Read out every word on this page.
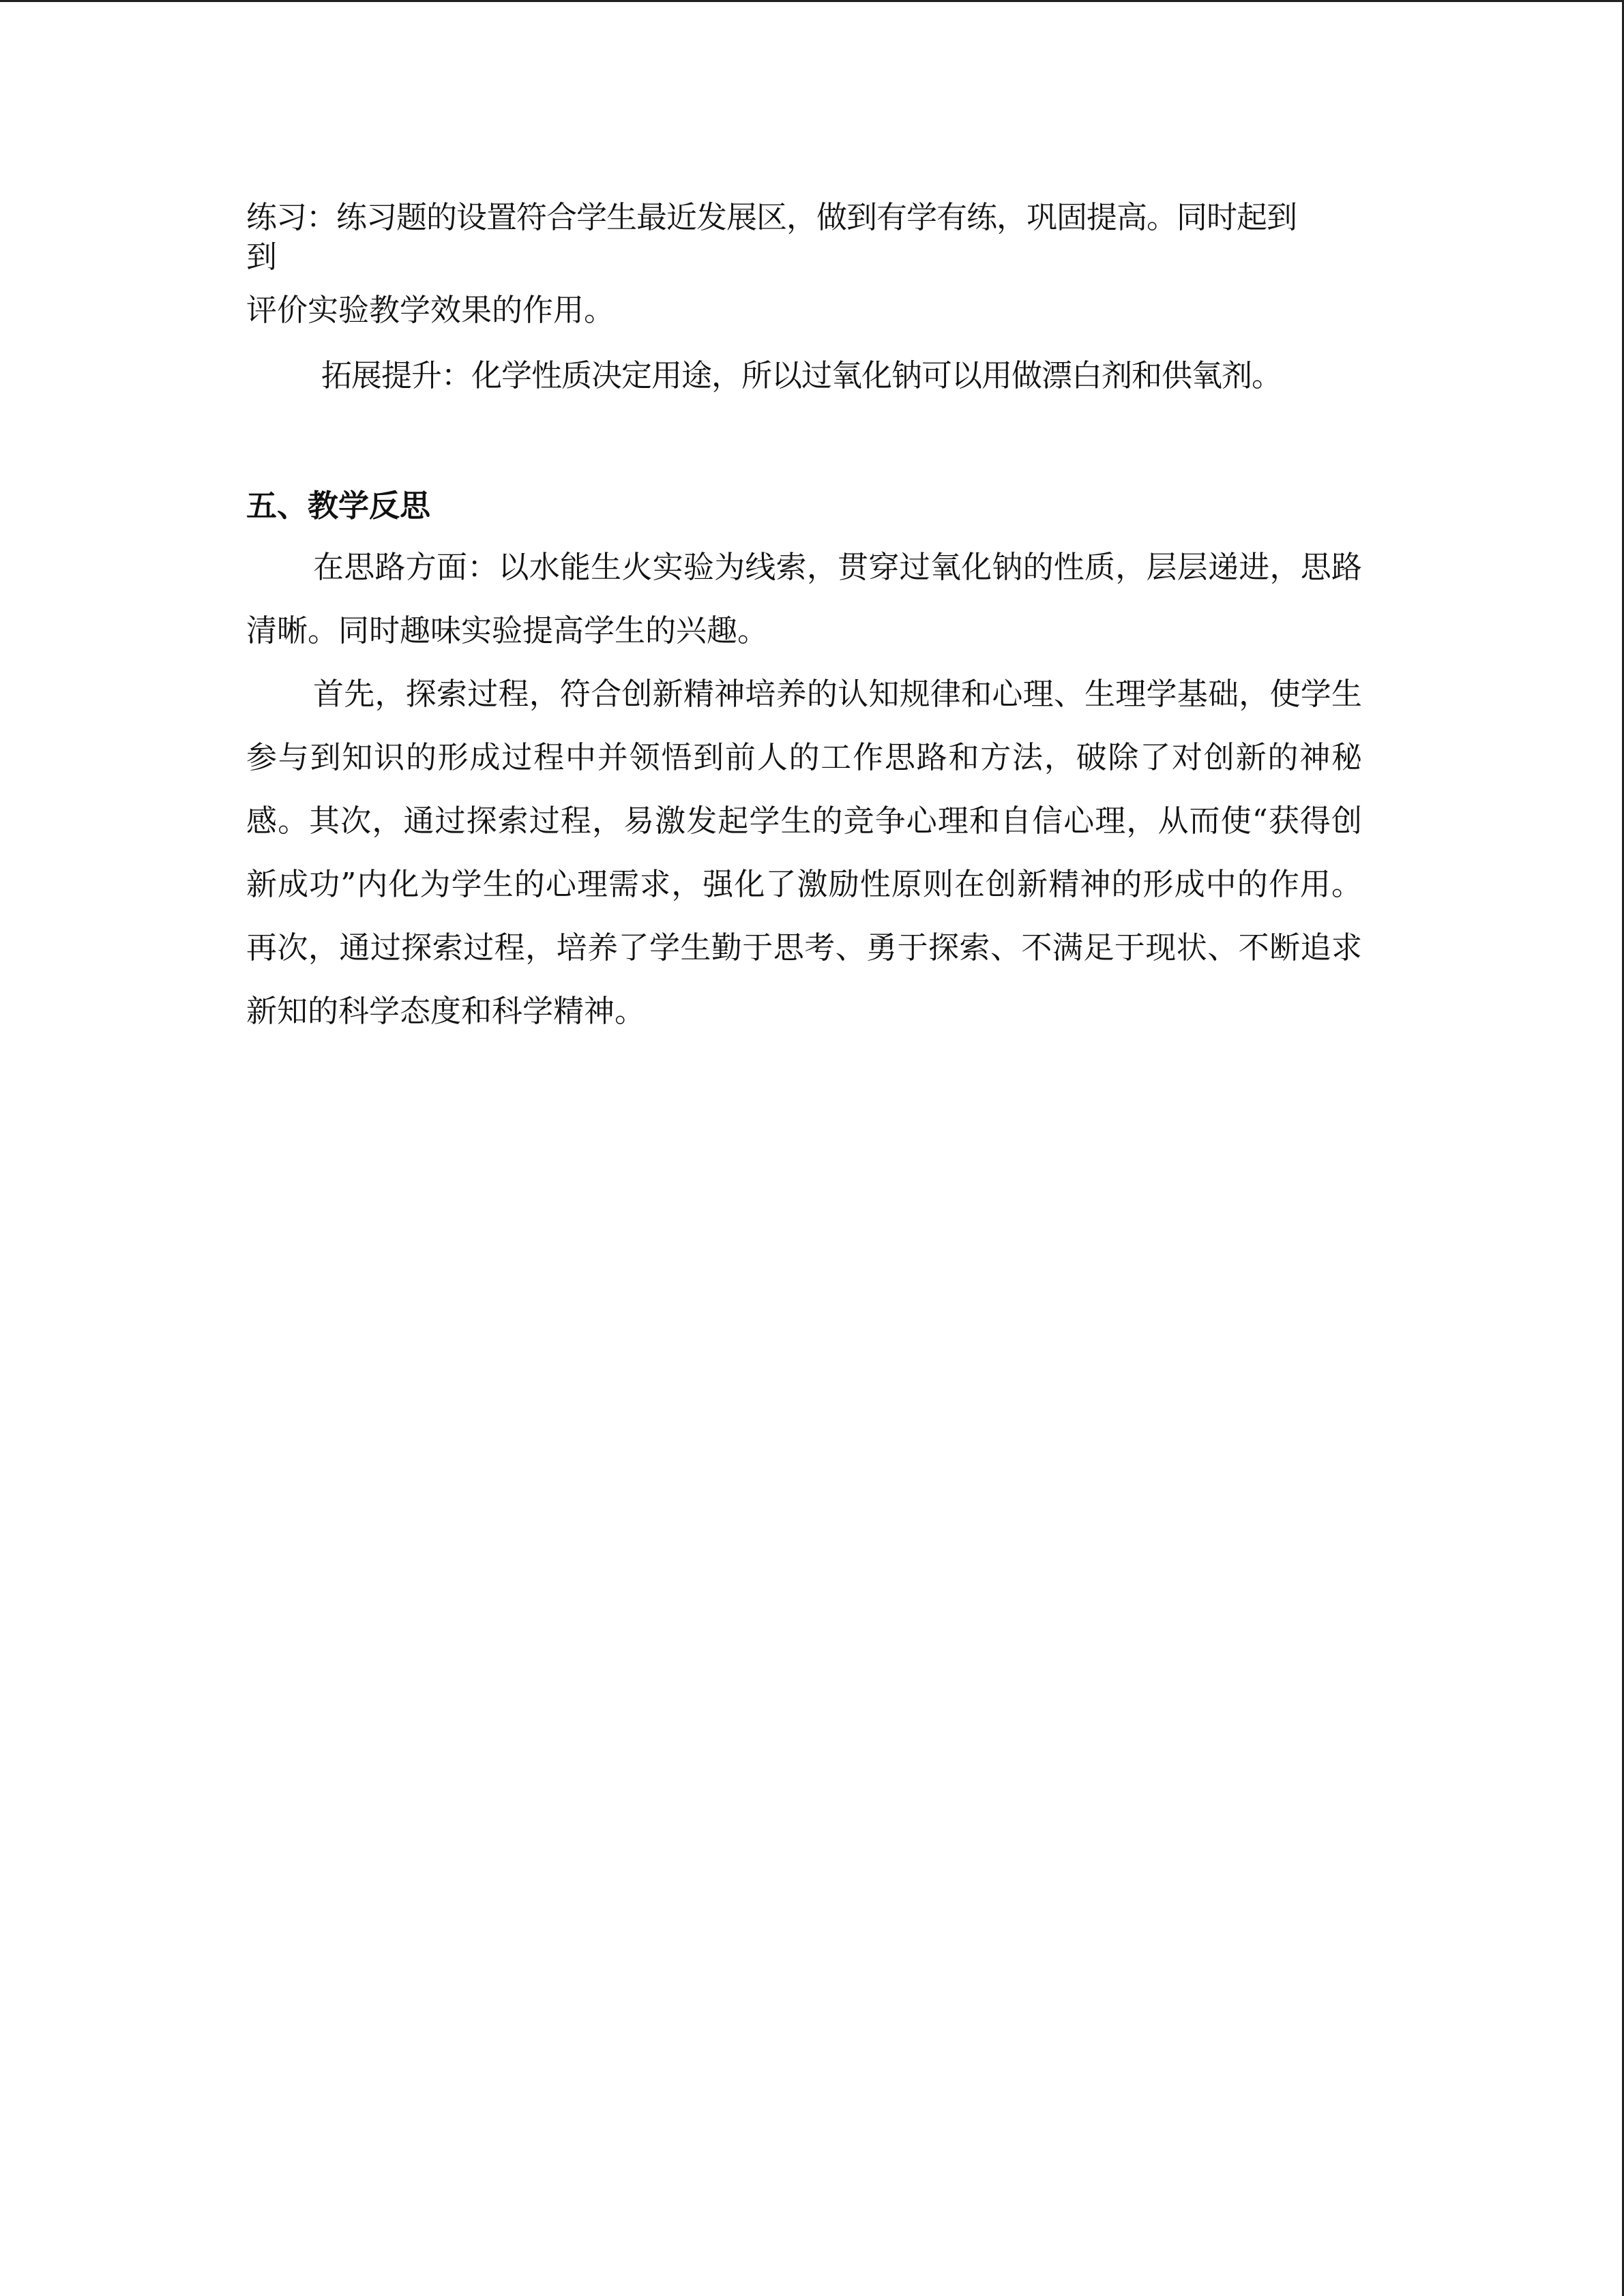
练习：练习题的设置符合学生最近发展区，做到有学有练，巩固提高。同时起到
到
评价实验教学效果的作用。
拓展提升：化学性质决定用途，所以过氧化钠可以用做漂白剂和供氧剂。
五、教学反思

在思路方面：以水能生火实验为线索，贯穿过氧化钠的性质，层层递进，思路清晰。同时趣味实验提高学生的兴趣。

首先，探索过程，符合创新精神培养的认知规律和心理、生理学基础，使学生参与到知识的形成过程中并领悟到前人的工作思路和方法，破除了对创新的神秘感。其次，通过探索过程，易激发起学生的竞争心理和自信心理，从而使“获得创新成功”内化为学生的心理需求，强化了激励性原则在创新精神的形成中的作用。再次，通过探索过程，培养了学生勤于思考、勇于探索、不满足于现状、不断追求新知的科学态度和科学精神。
